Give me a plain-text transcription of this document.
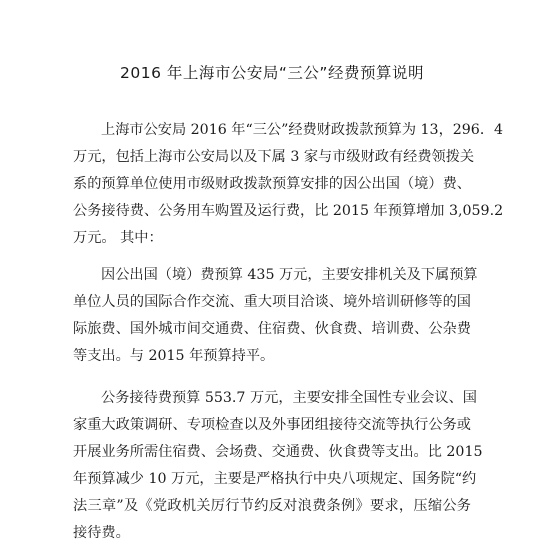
2016 年上海市公安局“三公”经费预算说明
上海市公安局 2016 年“三公”经费财政拨款预算为 13，296．4
万元，包括上海市公安局以及下属 3 家与市级财政有经费领拨关
系的预算单位使用市级财政拨款预算安排的因公出国（境）费、
公务接待费、公务用车购置及运行费，比 2015 年预算增加 3,059.2
万元。 其中：
因公出国（境）费预算 435 万元，主要安排机关及下属预算
单位人员的国际合作交流、重大项目洽谈、境外培训研修等的国
际旅费、国外城市间交通费、住宿费、伙食费、培训费、公杂费
等支出。与 2015 年预算持平。
公务接待费预算 553.7 万元，主要安排全国性专业会议、国
家重大政策调研、专项检查以及外事团组接待交流等执行公务或
开展业务所需住宿费、会场费、交通费、伙食费等支出。比 2015
年预算减少 10 万元，主要是严格执行中央八项规定、国务院“约
法三章”及《党政机关厉行节约反对浪费条例》要求，压缩公务
接待费。
